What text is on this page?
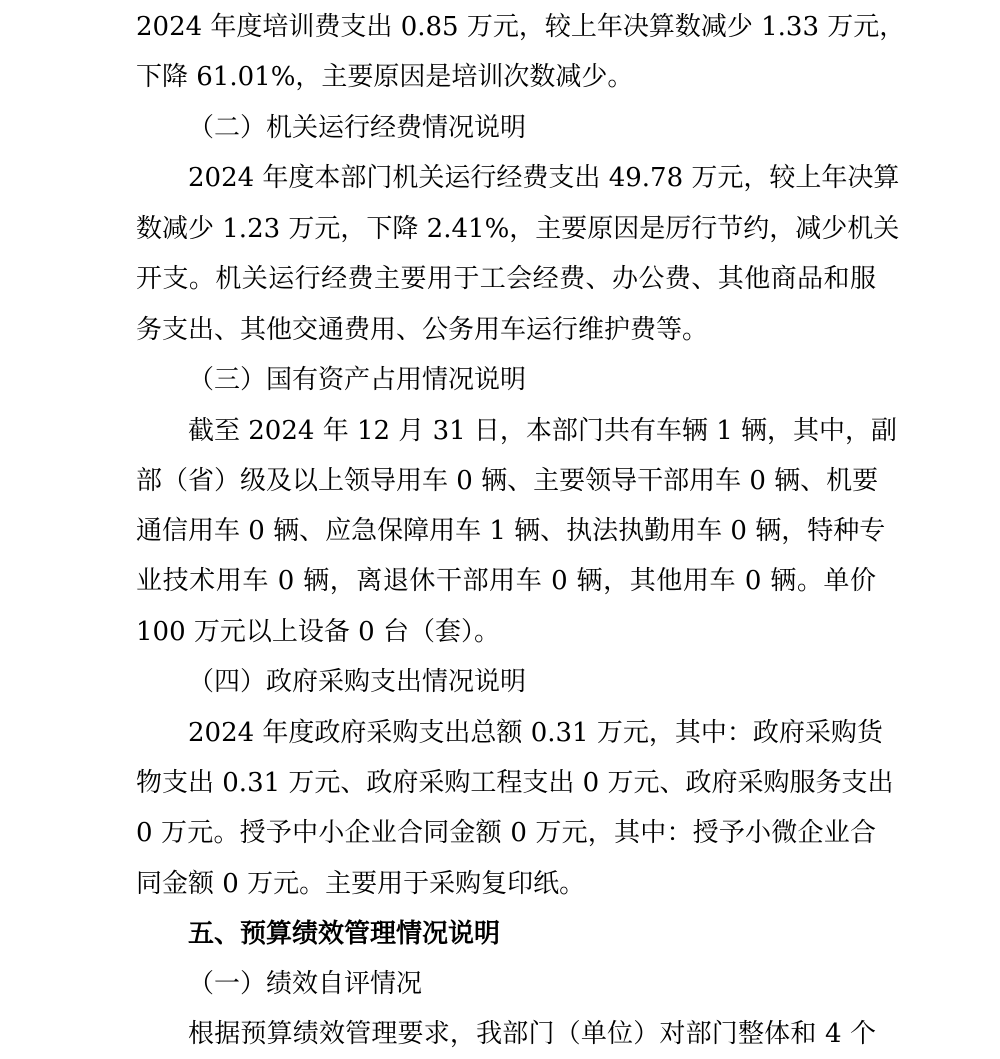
2024 年度培训费支出 0.85 万元，较上年决算数减少 1.33 万元，
下降 61.01%，主要原因是培训次数减少。
（二）机关运行经费情况说明
2024 年度本部门机关运行经费支出 49.78 万元，较上年决算
数减少 1.23 万元，下降 2.41%，主要原因是厉行节约，减少机关
开支。机关运行经费主要用于工会经费、办公费、其他商品和服
务支出、其他交通费用、公务用车运行维护费等。
（三）国有资产占用情况说明
截至 2024 年 12 月 31 日，本部门共有车辆 1 辆，其中，副
部（省）级及以上领导用车 0 辆、主要领导干部用车 0 辆、机要
通信用车 0 辆、应急保障用车 1 辆、执法执勤用车 0 辆，特种专
业技术用车 0 辆，离退休干部用车 0 辆，其他用车 0 辆。单价
100 万元以上设备 0 台（套）。
（四）政府采购支出情况说明
2024 年度政府采购支出总额 0.31 万元，其中：政府采购货
物支出 0.31 万元、政府采购工程支出 0 万元、政府采购服务支出
0 万元。授予中小企业合同金额 0 万元，其中：授予小微企业合
同金额 0 万元。主要用于采购复印纸。
五、预算绩效管理情况说明
（一）绩效自评情况
根据预算绩效管理要求，我部门（单位）对部门整体和 4 个
